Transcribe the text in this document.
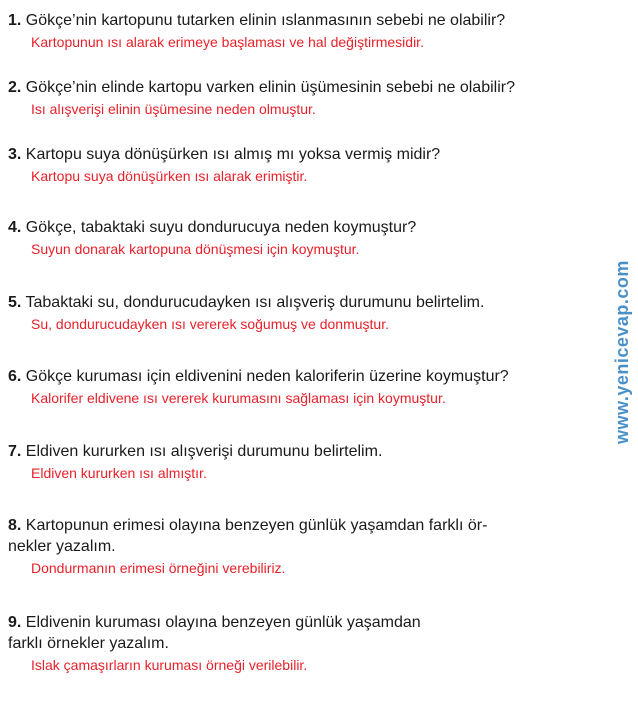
1. Gökçe’nin kartopunu tutarken elinin ıslanmasının sebebi ne olabilir?

Kartopunun ısı alarak erimeye başlaması ve hal değiştirmesidir.

2. Gökçe’nin elinde kartopu varken elinin üşümesinin sebebi ne olabilir?

Isı alışverişi elinin üşümesine neden olmuştur.

3. Kartopu suya dönüşürken ısı almış mı yoksa vermiş midir?

Kartopu suya dönüşürken ısı alarak erimiştir.

4. Gökçe, tabaktaki suyu dondurucuya neden koymuştur?

Suyun donarak kartopuna dönüşmesi için koymuştur.

5. Tabaktaki su, dondurucudayken ısı alışveriş durumunu belirtelim.

Su, dondurucudayken ısı vererek soğumuş ve donmuştur.

6. Gökçe kuruması için eldivenini neden kaloriferin üzerine koymuştur?

Kalorifer eldivene ısı vererek kurumasını sağlaması için koymuştur.

7. Eldiven kururken ısı alışverişi durumunu belirtelim.

Eldiven kururken ısı almıştır.

8. Kartopunun erimesi olayına benzeyen günlük yaşamdan farklı ör-

nekler yazalım.

Dondurmanın erimesi örneğini verebiliriz.

9. Eldivenin kuruması olayına benzeyen günlük yaşamdan

farklı örnekler yazalım.

Islak çamaşırların kuruması örneği verilebilir.

www.yenicevap.com
